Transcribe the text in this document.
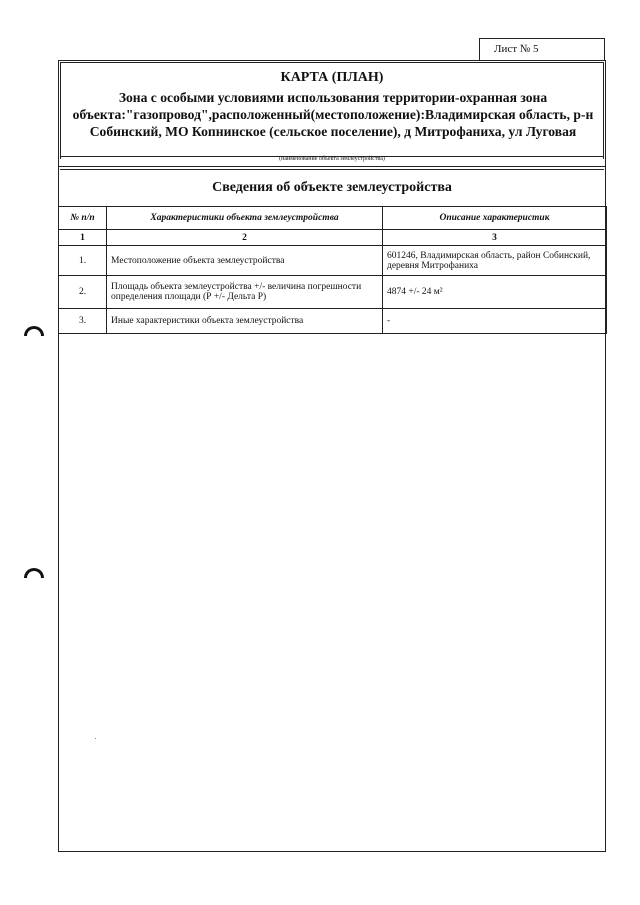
Лист № 5
КАРТА (ПЛАН)
Зона с особыми условиями использования территории-охранная зона объекта:"газопровод",расположенный(местоположение):Владимирская область, р-н Собинский, МО Копнинское (сельское поселение), д Митрофаниха, ул Луговая
(наименование объекта землеустройства)
Сведения об объекте землеустройства
№ п/п	Характеристики объекта землеустройства	Описание характеристик
1	2	3
1.	Местоположение объекта землеустройства	601246, Владимирская область, район Собинский, деревня Митрофаниха
2.	Площадь объекта землеустройства +/- величина погрешности определения площади (Р +/- Дельта Р)	4874 +/- 24 м²
3.	Иные характеристики объекта землеустройства	-
